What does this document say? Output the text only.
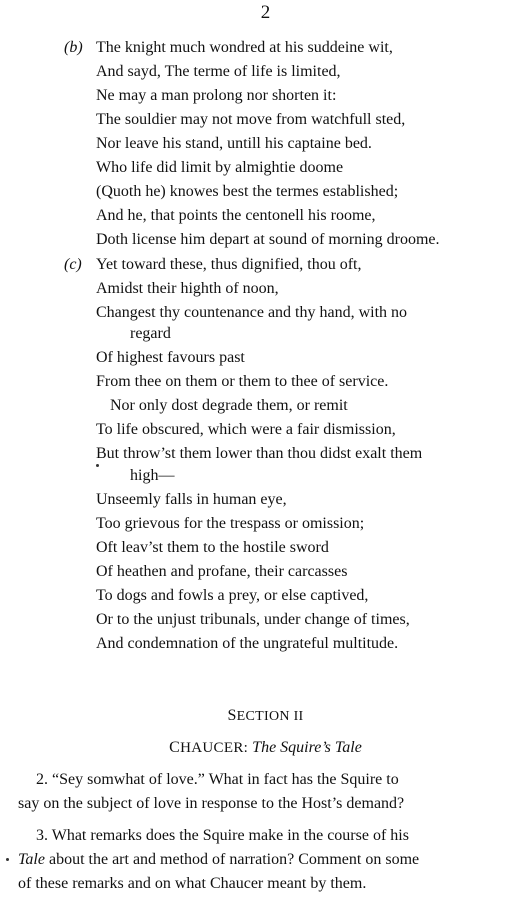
2
(b) The knight much wondred at his suddeine wit,
And sayd, The terme of life is limited,
Ne may a man prolong nor shorten it:
The souldier may not move from watchfull sted,
Nor leave his stand, untill his captaine bed.
Who life did limit by almightie doome
(Quoth he) knowes best the termes established;
And he, that points the centonell his roome,
Doth license him depart at sound of morning droome.
(c) Yet toward these, thus dignified, thou oft,
Amidst their highth of noon,
Changest thy countenance and thy hand, with no
regard
Of highest favours past
From thee on them or them to thee of service.
Nor only dost degrade them, or remit
To life obscured, which were a fair dismission,
But throw’st them lower than thou didst exalt them
high—
Unseemly falls in human eye,
Too grievous for the trespass or omission;
Oft leav’st them to the hostile sword
Of heathen and profane, their carcasses
To dogs and fowls a prey, or else captived,
Or to the unjust tribunals, under change of times,
And condemnation of the ungrateful multitude.
SECTION II
CHAUCER: The Squire’s Tale
2. “Sey somwhat of love.” What in fact has the Squire to
say on the subject of love in response to the Host’s demand?
3. What remarks does the Squire make in the course of his
Tale about the art and method of narration? Comment on some
of these remarks and on what Chaucer meant by them.
